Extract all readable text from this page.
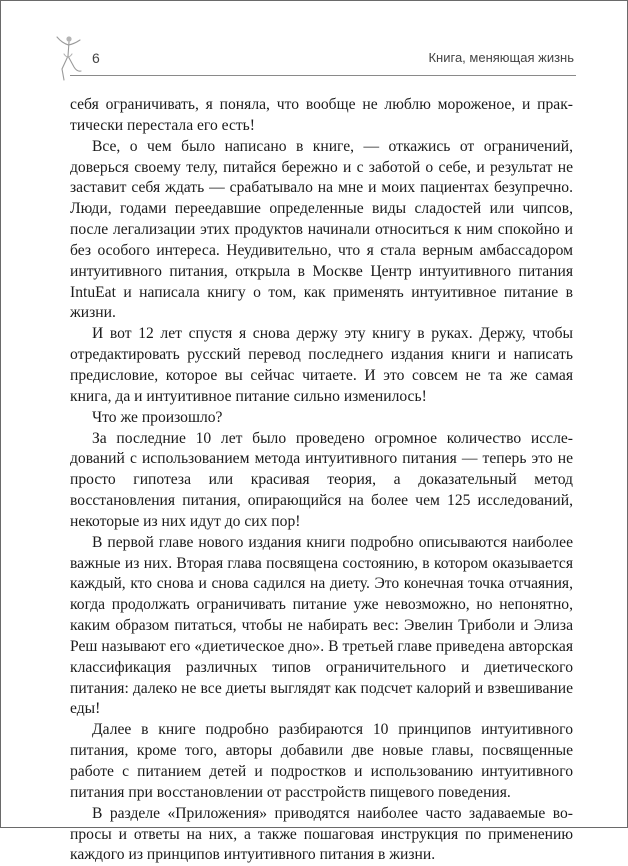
6	Книга, меняющая жизнь

себя ограничивать, я поняла, что вообще не люблю мороженое, и практически перестала его есть!

Все, о чем было написано в книге, — откажись от ограничений, доверься своему телу, питайся бережно и с заботой о себе, и результат не заставит себя ждать — срабатывало на мне и моих пациентах безупречно. Люди, годами переедавшие определенные виды сладостей или чипсов, после легализации этих продуктов начинали относиться к ним спокойно и без особого интереса. Неудивительно, что я стала верным амбассадором интуитивного питания, открыла в Москве Центр интуитивного питания IntuEat и написала книгу о том, как применять интуитивное питание в жизни.

И вот 12 лет спустя я снова держу эту книгу в руках. Держу, чтобы отредактировать русский перевод последнего издания книги и написать предисловие, которое вы сейчас читаете. И это совсем не та же самая книга, да и интуитивное питание сильно изменилось!

Что же произошло?

За последние 10 лет было проведено огромное количество исследований с использованием метода интуитивного питания — теперь это не просто гипотеза или красивая теория, а доказательный метод восстановления питания, опирающийся на более чем 125 исследований, некоторые из них идут до сих пор!

В первой главе нового издания книги подробно описываются наиболее важные из них. Вторая глава посвящена состоянию, в котором оказывается каждый, кто снова и снова садился на диету. Это конечная точка отчаяния, когда продолжать ограничивать питание уже невозможно, но непонятно, каким образом питаться, чтобы не набирать вес: Эвелин Триболи и Элиза Реш называют его «диетическое дно». В третьей главе приведена авторская классификация различных типов ограничительного и диетического питания: далеко не все диеты выглядят как подсчет калорий и взвешивание еды!

Далее в книге подробно разбираются 10 принципов интуитивного питания, кроме того, авторы добавили две новые главы, посвященные работе с питанием детей и подростков и использованию интуитивного питания при восстановлении от расстройств пищевого поведения.

В разделе «Приложения» приводятся наиболее часто задаваемые вопросы и ответы на них, а также пошаговая инструкция по применению каждого из принципов интуитивного питания в жизни.
